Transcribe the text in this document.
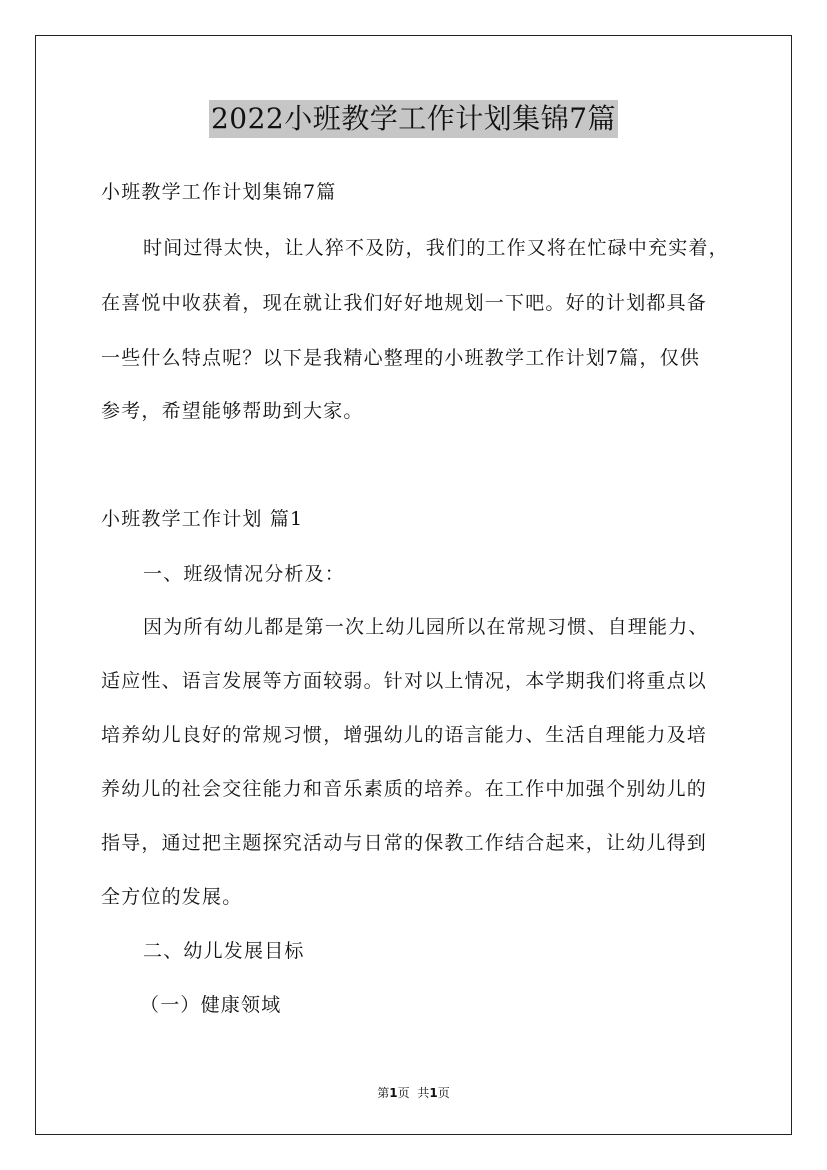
2022小班教学工作计划集锦7篇
小班教学工作计划集锦7篇
时间过得太快，让人猝不及防，我们的工作又将在忙碌中充实着，
在喜悦中收获着，现在就让我们好好地规划一下吧。好的计划都具备
一些什么特点呢？以下是我精心整理的小班教学工作计划7篇，仅供
参考，希望能够帮助到大家。
小班教学工作计划 篇1
一、班级情况分析及：
因为所有幼儿都是第一次上幼儿园所以在常规习惯、自理能力、
适应性、语言发展等方面较弱。针对以上情况，本学期我们将重点以
培养幼儿良好的常规习惯，增强幼儿的语言能力、生活自理能力及培
养幼儿的社会交往能力和音乐素质的培养。在工作中加强个别幼儿的
指导，通过把主题探究活动与日常的保教工作结合起来，让幼儿得到
全方位的发展。
二、幼儿发展目标
（一）健康领域
第1页 共1页
